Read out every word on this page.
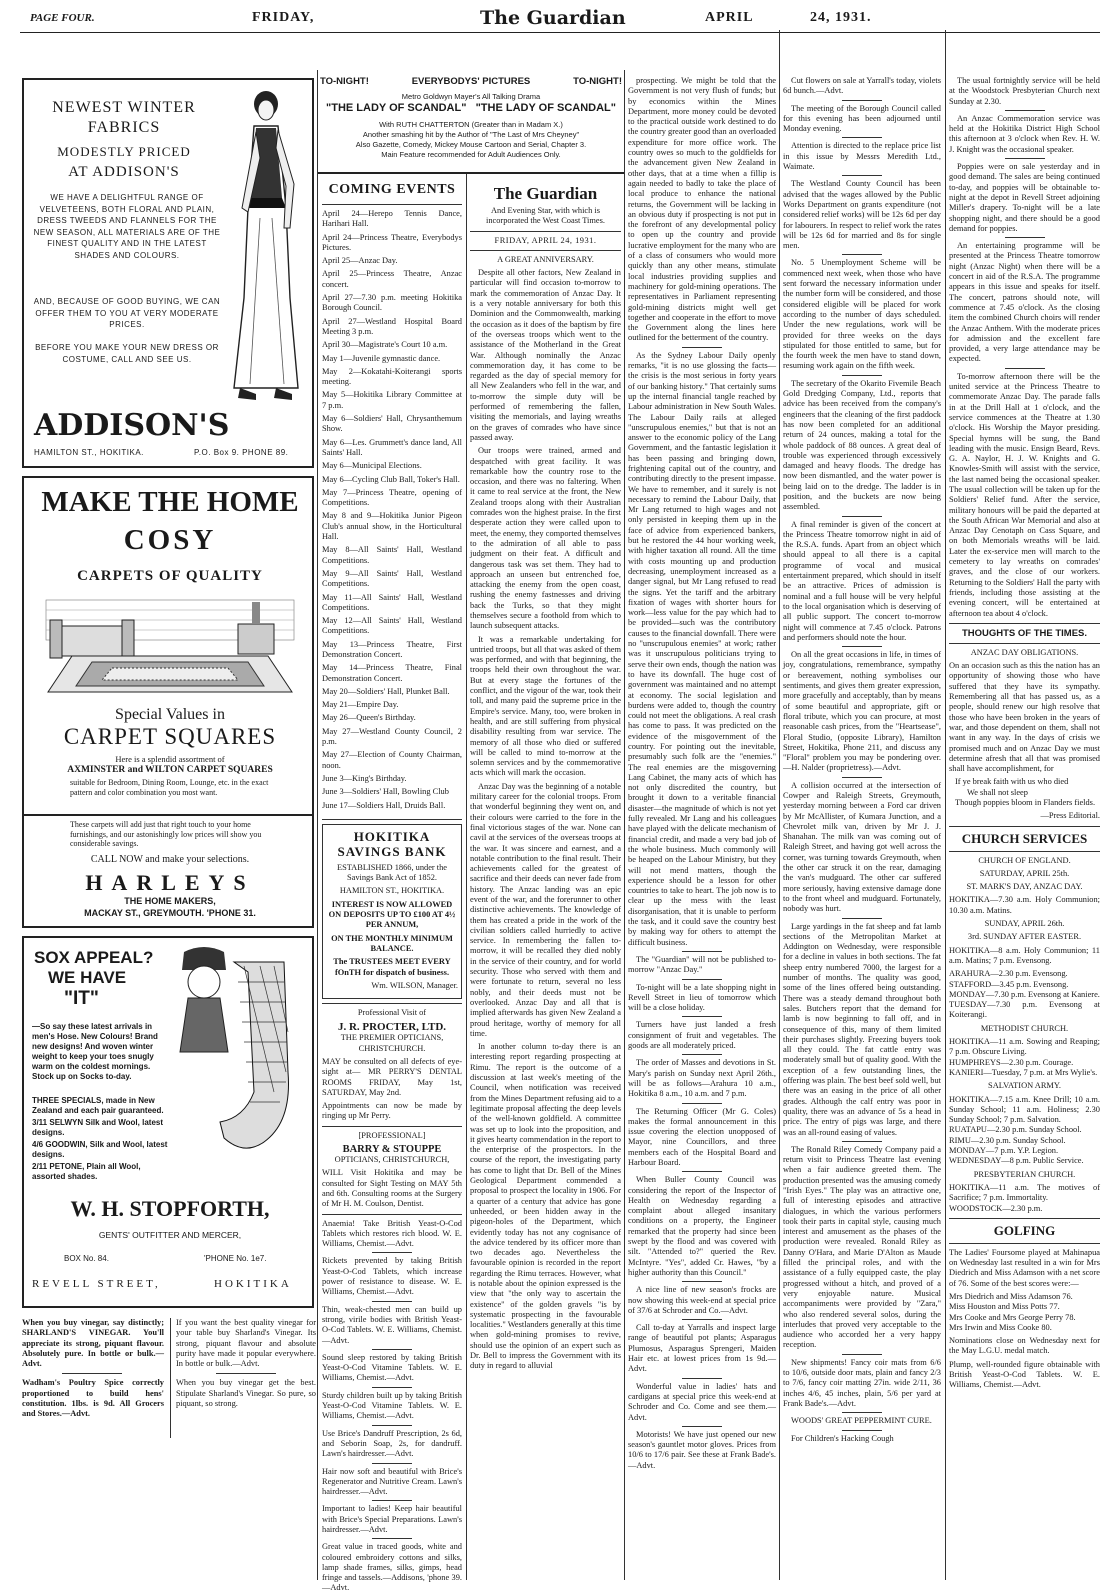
PAGE FOUR.	FRIDAY,	The Guardian	APRIL	24, 1931.
NEWEST WINTER FABRICS
MODESTLY PRICED
AT ADDISON'S
WE HAVE A DELIGHTFUL RANGE OF VELVETEENS, BOTH FLORAL AND PLAIN, DRESS TWEEDS AND FLANNELS FOR THE NEW SEASON, ALL MATERIALS ARE OF THE FINEST QUALITY AND IN THE LATEST SHADES AND COLOURS.
AND, BECAUSE OF GOOD BUYING, WE CAN OFFER THEM TO YOU AT VERY MODERATE PRICES.
BEFORE YOU MAKE YOUR NEW DRESS OR COSTUME, CALL AND SEE US.
ADDISON'S
HAMILTON ST., HOKITIKA.	P.O. Box 9. PHONE 89.
MAKE THE HOME
COSY
CARPETS OF QUALITY
Special Values in
CARPET SQUARES
Here is a splendid assortment of
AXMINSTER and WILTON CARPET SQUARES
suitable for Bedroom, Dining Room, Lounge, etc. in the exact pattern and color combination you most want.
These carpets will add just that right touch to your home furnishings, and our astonishingly low prices will show you considerable savings.
CALL NOW and make your selections.
HARLEYS
THE HOME MAKERS,
MACKAY ST., GREYMOUTH. 'PHONE 31.
SOX APPEAL?
WE HAVE
"IT"
—So say these latest arrivals in men's Hose. New Colours! Brand new designs! And woven winter weight to keep your toes snugly warm on the coldest mornings. Stock up on Socks to-day.
THREE SPECIALS, made in New Zealand and each pair guaranteed.
3/11 SELWYN Silk and Wool, latest designs.
4/6 GOODWIN, Silk and Wool, latest designs.
2/11 PETONE, Plain all Wool, assorted shades.
W. H. STOPFORTH,
GENTS' OUTFITTER AND MERCER,
BOX No. 84.	'PHONE No. 1e7.
REVELL STREET,	HOKITIKA

When you buy vinegar, say distinctly; SHARLAND'S VINEGAR. You'll appreciate its strong, piquant flavour. Absolutely pure. In bottle or bulk.—Advt.

Wadham's Poultry Spice correctly proportioned to build hens' constitution. 1lbs. is 9d. All Grocers and Stores.—Advt.

If you want the best quality vinegar for your table buy Sharland's Vinegar. Its strong, piquant flavour and absolute purity have made it popular everywhere. In bottle or bulk.—Advt.

When you buy vinegar get the best. Stipulate Sharland's Vinegar. So pure, so piquant, so strong.

TO-NIGHT!	EVERYBODYS' PICTURES	TO-NIGHT!
Metro Goldwyn Mayer's All Talking Drama
"THE LADY OF SCANDAL"   "THE LADY OF SCANDAL"
With RUTH CHATTERTON (Greater than in Madam X.)
Another smashing hit by the Author of "The Last of Mrs Cheyney"
Also Gazette, Comedy, Mickey Mouse Cartoon and Serial, Chapter 3.
Main Feature recommended for Adult Audiences Only.
COMING EVENTS

April 24—Herepo Tennis Dance, Harihari Hall.

April 24—Princess Theatre, Everybodys Pictures.

April 25—Anzac Day.

April 25—Princess Theatre, Anzac concert.

April 27—7.30 p.m. meeting Hokitika Borough Council.

April 27—Westland Hospital Board Meeting 3 p.m.

April 30—Magistrate's Court 10 a.m.

May 1—Juvenile gymnastic dance.

May 2—Kokatahi-Koiterangi sports meeting.

May 5—Hokitika Library Committee at 7 p.m.

May 6—Soldiers' Hall, Chrysanthemum Show.

May 6—Les. Grummett's dance land, All Saints' Hall.

May 6—Municipal Elections.

May 6—Cycling Club Ball, Toker's Hall.

May 7—Princess Theatre, opening of Competitions.

May 8 and 9—Hokitika Junior Pigeon Club's annual show, in the Horticultural Hall.

May 8—All Saints' Hall, Westland Competitions.

May 9—All Saints' Hall, Westland Competitions.

May 11—All Saints' Hall, Westland Competitions.

May 12—All Saints' Hall, Westland Competitions.

May 13—Princess Theatre, First Demonstration Concert.

May 14—Princess Theatre, Final Demonstration Concert.

May 20—Soldiers' Hall, Plunket Ball.

May 21—Empire Day.

May 26—Queen's Birthday.

May 27—Westland County Council, 2 p.m.

May 27—Election of County Chairman, noon.

June 3—King's Birthday.

June 3—Soldiers' Hall, Bowling Club

June 17—Soldiers Hall, Druids Ball.

HOKITIKA SAVINGS BANK

ESTABLISHED 1866, under the Savings Bank Act of 1852.

HAMILTON ST., HOKITIKA.

INTEREST IS NOW ALLOWED ON DEPOSITS UP TO £100 AT 4½ PER ANNUM,

ON THE MONTHLY MINIMUM BALANCE.

The TRUSTEES MEET EVERY fOnTH for dispatch of business.

Wm. WILSON, Manager.

Professional Visit of

J. R. PROCTER, LTD.

THE PREMIER OPTICIANS, CHRISTCHURCH.

MAY be consulted on all defects of eye-sight at— MR PERRY'S DENTAL ROOMS FRIDAY, May 1st, SATURDAY, May 2nd.

Appointments can now be made by ringing up Mr Perry.

[PROFESSIONAL]

BARRY & STOUPPE

OPTICIANS, CHRISTCHURCH,

WILL Visit Hokitika and may be consulted for Sight Testing on MAY 5th and 6th. Consulting rooms at the Surgery of Mr H. M. Coulson, Dentist.

Anaemia! Take British Yeast-O-Cod Tablets which restores rich blood. W. E. Williams, Chemist.—Advt.

Rickets prevented by taking British Yeast-O-Cod Tablets, which increase power of resistance to disease. W. E. Williams, Chemist.—Advt.

Thin, weak-chested men can build up strong, virile bodies with British Yeast-O-Cod Tablets. W. E. Williams, Chemist.—Advt.

Sound sleep restored by taking British Yeast-O-Cod Vitamine Tablets. W. E. Williams, Chemist.—Advt.

Sturdy children built up by taking British Yeast-O-Cod Vitamine Tablets. W. E. Williams, Chemist.—Advt.

Use Brice's Dandruff Prescription, 2s 6d, and Seborin Soap, 2s, for dandruff. Lawn's hairdresser.—Advt.

Hair now soft and beautiful with Brice's Regenerator and Nutritive Cream. Lawn's hairdresser.—Advt.

Important to ladies! Keep hair beautiful with Brice's Special Preparations. Lawn's hairdresser.—Advt.

Great value in traced goods, white and coloured embroidery cottons and silks, lamp shade frames, silks, gimps, head fringe and tassels.—Addisons, 'phone 39.—Advt.

The Guardian

And Evening Star, with which is incorporated the West Coast Times.

FRIDAY, APRIL 24, 1931.

A GREAT ANNIVERSARY.

Despite all other factors, New Zealand in particular will find occasion to-morrow to mark the commemoration of Anzac Day. It is a very notable anniversary for both this Dominion and the Commonwealth, marking the occasion as it does of the baptism by fire of the overseas troops which went to the assistance of the Motherland in the Great War. Although nominally the Anzac commemoration day, it has come to be regarded as the day of special memory for all New Zealanders who fell in the war, and to-morrow the simple duty will be performed of remembering the fallen, visiting the memorials, and laying wreaths on the graves of comrades who have since passed away.

Our troops were trained, armed and despatched with great facility. It was remarkable how the country rose to the occasion, and there was no faltering. When it came to real service at the front, the New Zealand troops along with their Australian comrades won the highest praise. In the first desperate action they were called upon to meet, the enemy, they comported themselves to the admiration of all able to pass judgment on their feat. A difficult and dangerous task was set them. They had to approach an unseen but entrenched foe, attacking the enemy from the open coast, rushing the enemy fastnesses and driving back the Turks, so that they might themselves secure a foothold from which to launch subsequent attacks.

It was a remarkable undertaking for untried troops, but all that was asked of them was performed, and with that beginning, the troops held their own throughout the war. But at every stage the fortunes of the conflict, and the vigour of the war, took their toll, and many paid the supreme price in the Empire's service. Many, too, were broken in health, and are still suffering from physical disability resulting from war service. The memory of all those who died or suffered will be called to mind to-morrow at the solemn services and by the commemorative acts which will mark the occasion.

Anzac Day was the beginning of a notable military career for the colonial troops. From that wonderful beginning they went on, and their colours were carried to the fore in the final victorious stages of the war. None can cavil at the services of the overseas troops at the war. It was sincere and earnest, and a notable contribution to the final result. Their achievements called for the greatest of sacrifice and their deeds can never fade from history. The Anzac landing was an epic event of the war, and the forerunner to other distinctive achievements. The knowledge of them has created a pride in the work of the civilian soldiers called hurriedly to active service. In remembering the fallen to-morrow, it will be recalled they died nobly in the service of their country, and for world security. Those who served with them and were fortunate to return, several no less nobly, and their deeds must not be overlooked. Anzac Day and all that is implied afterwards has given New Zealand a proud heritage, worthy of memory for all time.

In another column to-day there is an interesting report regarding prospecting at Rimu. The report is the outcome of a discussion at last week's meeting of the Council, when notification was received from the Mines Department refusing aid to a legitimate proposal affecting the deep levels of the well-known goldfield. A committee was set up to look into the proposition, and it gives hearty commendation in the report to the enterprise of the prospectors. In the course of the report, the investigating party has come to light that Dr. Bell of the Mines Geological Department commended a proposal to prospect the locality in 1906. For a quarter of a century that advice has gone unheeded, or been hidden away in the pigeon-holes of the Department, which evidently today has not any cognisance of the advice tendered by its officer more than two decades ago. Nevertheless the favourable opinion is recorded in the report regarding the Rimu terraces. However, what is notable about the opinion expressed is the view that "the only way to ascertain the existence" of the golden gravels "is by systematic prospecting in the favourable localities." Westlanders generally at this time when gold-mining promises to revive, should use the opinion of an expert such as Dr. Bell to impress the Government with its duty in regard to alluvial

prospecting. We might be told that the Government is not very flush of funds; but by economics within the Mines Department, more money could be devoted to the practical outside work destined to do the country greater good than an overloaded expenditure for more office work. The country owes so much to the goldfields for the advancement given New Zealand in other days, that at a time when a fillip is again needed to badly to take the place of local produce to enhance the national returns, the Government will be lacking in an obvious duty if prospecting is not put in the forefront of any developmental policy to open up the country and provide lucrative employment for the many who are of a class of consumers who would more quickly than any other means, stimulate local industries providing supplies and machinery for gold-mining operations. The representatives in Parliament representing gold-mining districts might well get together and cooperate in the effort to move the Government along the lines here outlined for the betterment of the country.

As the Sydney Labour Daily openly remarks, "it is no use glossing the facts—the crisis is the most serious in forty years of our banking history." That certainly sums up the internal financial tangle reached by Labour administration in New South Wales. The Labour Daily rails at alleged "unscrupulous enemies," but that is not an answer to the economic policy of the Lang Government, and the fantastic legislation it has been passing and bringing down, frightening capital out of the country, and contributing directly to the present impasse. We have to remember, and it surely is not necessary to remind the Labour Daily, that Mr Lang returned to high wages and not only persisted in keeping them up in the face of advice from experienced bankers, but he restored the 44 hour working week, with higher taxation all round. All the time with costs mounting up and production decreasing, unemployment increased as a danger signal, but Mr Lang refused to read the signs. Yet the tariff and the arbitrary fixation of wages with shorter hours for work—less value for the pay which had to be provided—such was the contributory causes to the financial downfall. There were no "unscrupulous enemies" at work; rather was it unscrupulous politicians trying to serve their own ends, though the nation was to have its downfall. The huge cost of government was maintained and no attempt at economy. The social legislation and burdens were added to, though the country could not meet the obligations. A real crash has come to pass. It was predicted on the evidence of the misgovernment of the country. For pointing out the inevitable, presumably such folk are the "enemies." The real enemies are the misgoverning Lang Cabinet, the many acts of which has not only discredited the country, but brought it down to a veritable financial disaster—the magnitude of which is not yet fully revealed. Mr Lang and his colleagues have played with the delicate mechanism of financial credit, and made a very bad job of the whole business. Much commonly will be heaped on the Labour Ministry, but they will not mend matters, though the experience should be a lesson for other countries to take to heart. The job now is to clear up the mess with the least disorganisation, that it is unable to perform the task, and it could save the country best by making way for others to attempt the difficult business.

The "Guardian" will not be published to-morrow "Anzac Day."

To-night will be a late shopping night in Revell Street in lieu of tomorrow which will be a close holiday.

Turners have just landed a fresh consignment of fruit and vegetables. The goods are all moderately priced.

The order of Masses and devotions in St. Mary's parish on Sunday next April 26th., will be as follows—Arahura 10 a.m., Hokitika 8 a.m., 10 a.m. and 7 p.m.

The Returning Officer (Mr G. Coles) makes the formal announcement in this issue covering the election unopposed of Mayor, nine Councillors, and three members each of the Hospital Board and Harbour Board.

When Buller County Council was considering the report of the Inspector of Health on Wednesday regarding a complaint about alleged insanitary conditions on a property, the Engineer remarked that the property had since been swept by the flood and was covered with silt. "Attended to?" queried the Rev. McIntyre. "Yes", added Cr. Hawes, "by a higher authority than this Council."

A nice line of new season's frocks are now showing this week-end at special price of 37/6 at Schroder and Co.—Advt.

Call to-day at Yarralls and inspect large range of beautiful pot plants; Asparagus Plumosus, Asparagus Sprengeri, Maiden Hair etc. at lowest prices from 1s 9d.—Advt.

Wonderful value in ladies' hats and cardigans at special price this week-end at Schroder and Co. Come and see them.—Advt.

Motorists! We have just opened our new season's gauntlet motor gloves. Prices from 10/6 to 17/6 pair. See these at Frank Bade's.—Advt.

Cut flowers on sale at Yarrall's today, violets 6d bunch.—Advt.

The meeting of the Borough Council called for this evening has been adjourned until Monday evening.

Attention is directed to the replace price list in this issue by Messrs Meredith Ltd., Waimate.

The Westland County Council has been advised that the wages allowed by the Public Works Department on grants expenditure (not considered relief works) will be 12s 6d per day for labourers. In respect to relief work the rates will be 12s 6d for married and 8s for single men.

No. 5 Unemployment Scheme will be commenced next week, when those who have sent forward the necessary information under the number form will be considered, and those considered eligible will be placed for work according to the number of days scheduled. Under the new regulations, work will be provided for three weeks on the days stipulated for those entitled to same, but for the fourth week the men have to stand down, resuming work again on the fifth week.

The secretary of the Okarito Fivemile Beach Gold Dredging Company, Ltd., reports that advice has been received from the company's engineers that the cleaning of the first paddock has now been completed for an additional return of 24 ounces, making a total for the whole paddock of 88 ounces. A great deal of trouble was experienced through excessively damaged and heavy floods. The dredge has now been dismantled, and the water power is being laid on to the dredge. The ladder is in position, and the buckets are now being assembled.

A final reminder is given of the concert at the Princess Theatre tomorrow night in aid of the R.S.A. funds. Apart from an object which should appeal to all there is a capital programme of vocal and musical entertainment prepared, which should in itself be an attractive. Prices of admission is nominal and a full house will be very helpful to the local organisation which is deserving of all public support. The concert to-morrow night will commence at 7.45 o'clock. Patrons and performers should note the hour.

On all the great occasions in life, in times of joy, congratulations, remembrance, sympathy or bereavement, nothing symbolises our sentiments, and gives them greater expression, more gracefully and acceptably, than by means of some beautiful and appropriate, gift or floral tribute, which you can procure, at most reasonable cash prices, from the "Heartsease", Floral Studio, (opposite Library), Hamilton Street, Hokitika, Phone 211, and discuss any "Floral" problem you may be pondering over.—H. Nalder (proprietress).—Advt.

A collision occurred at the intersection of Cowper and Raleigh Streets, Greymouth, yesterday morning between a Ford car driven by Mr McAllister, of Kumara Junction, and a Chevrolet milk van, driven by Mr J. J. Shanahan. The milk van was coming out of Raleigh Street, and having got well across the corner, was turning towards Greymouth, when the other car struck it on the rear, damaging the van's mudguard. The other car suffered more seriously, having extensive damage done to the front wheel and mudguard. Fortunately, nobody was hurt.

Large yardings in the fat sheep and fat lamb sections of the Metropolitan Market at Addington on Wednesday, were responsible for a decline in values in both sections. The fat sheep entry numbered 7000, the largest for a number of months. The quality was good, some of the lines offered being outstanding. There was a steady demand throughout both sales. Butchers report that the demand for lamb is now beginning to fall off, and in consequence of this, many of them limited their purchases slightly. Freezing buyers took all they could. The fat cattle entry was moderately small but of quality good. With the exception of a few outstanding lines, the offering was plain. The best beef sold well, but there was an easing in the price of all other grades. Although the calf entry was poor in quality, there was an advance of 5s a head in price. The entry of pigs was large, and there was an all-round easing of values.

The Ronald Riley Comedy Company paid a return visit to Princess Theatre last evening when a fair audience greeted them. The production presented was the amusing comedy "Irish Eyes." The play was an attractive one, full of interesting episodes and attractive dialogues, in which the various performers took their parts in capital style, causing much interest and amusement as the phases of the production were revealed. Ronald Riley as Danny O'Hara, and Marie D'Alton as Maude filled the principal roles, and with the assistance of a fully equipped caste, the play progressed without a hitch, and proved of a very enjoyable nature. Musical accompaniments were provided by "Zara," who also rendered several solos, during the interludes that proved very acceptable to the audience who accorded her a very happy reception.

New shipments! Fancy coir mats from 6/6 to 10/6, outside door mats, plain and fancy 2/3 to 7/6, fancy coir matting 27in. wide 2/11, 36 inches 4/6, 45 inches, plain, 5/6 per yard at Frank Bade's.—Advt.

WOODS' GREAT PEPPERMINT CURE.

For Children's Hacking Cough

The usual fortnightly service will be held at the Woodstock Presbyterian Church next Sunday at 2.30.

An Anzac Commemoration service was held at the Hokitika District High School this afternoon at 3 o'clock when Rev. H. W. J. Knight was the occasional speaker.

Poppies were on sale yesterday and in good demand. The sales are being continued to-day, and poppies will be obtainable to-night at the depot in Revell Street adjoining Miller's drapery. To-night will be a late shopping night, and there should be a good demand for poppies.

An entertaining programme will be presented at the Princess Theatre tomorrow night (Anzac Night) when there will be a concert in aid of the R.S.A. The programme appears in this issue and speaks for itself. The concert, patrons should note, will commence at 7.45 o'clock. As the closing item the combined Church choirs will render the Anzac Anthem. With the moderate prices for admission and the excellent fare provided, a very large attendance may be expected.

To-morrow afternoon there will be the united service at the Princess Theatre to commemorate Anzac Day. The parade falls in at the Drill Hall at 1 o'clock, and the service commences at the Theatre at 1.30 o'clock. His Worship the Mayor presiding. Special hymns will be sung, the Band leading with the music. Ensign Beard, Revs. G. A. Naylor, H. J. W. Knights and G. Knowles-Smith will assist with the service, the last named being the occasional speaker. The usual collection will be taken up for the Soldiers' Relief fund. After the service, military honours will be paid the departed at the South African War Memorial and also at Anzac Day Cenotaph on Cass Square, and on both Memorials wreaths will be laid. Later the ex-service men will march to the cemetery to lay wreaths on comrades' graves, and the close of our workers. Returning to the Soldiers' Hall the party with friends, including those assisting at the evening concert, will be entertained at afternoon tea about 4 o'clock.

THOUGHTS OF THE TIMES.

ANZAC DAY OBLIGATIONS.

On an occasion such as this the nation has an opportunity of showing those who have suffered that they have its sympathy. Remembering all that has passed us, as a people, should renew our high resolve that those who have been broken in the years of war, and those dependent on them, shall not want in any way. In the days of crisis we promised much and on Anzac Day we must determine afresh that all that was promised shall have accomplishment, for

If ye break faith with us who died

We shall not sleep

Though poppies bloom in Flanders fields.

—Press Editorial.

CHURCH SERVICES

CHURCH OF ENGLAND.

SATURDAY, APRIL 25th.

ST. MARK'S DAY, ANZAC DAY.

HOKITIKA—7.30 a.m. Holy Communion; 10.30 a.m. Matins.

SUNDAY, APRIL 26th.

3rd. SUNDAY AFTER EASTER.

HOKITIKA—8 a.m. Holy Communion; 11 a.m. Matins; 7 p.m. Evensong.

ARAHURA—2.30 p.m. Evensong.

STAFFORD—3.45 p.m. Evensong.

MONDAY—7.30 p.m. Evensong at Kaniere.

TUESDAY—7.30 p.m. Evensong at Koiterangi.

METHODIST CHURCH.

HOKITIKA—11 a.m. Sowing and Reaping; 7 p.m. Obscure Living.

HUMPHREYS—2.30 p.m. Courage.

KANIERI—Tuesday, 7 p.m. at Mrs Wylie's.

SALVATION ARMY.

HOKITIKA—7.15 a.m. Knee Drill; 10 a.m. Sunday School; 11 a.m. Holiness; 2.30 Sunday School; 7 p.m. Salvation.

RUATAPU—2.30 p.m. Sunday School.

RIMU—2.30 p.m. Sunday School.

MONDAY—7 p.m. Y.P. Legion.

WEDNESDAY—8 p.m. Public Service.

PRESBYTERIAN CHURCH.

HOKITIKA—11 a.m. The motives of Sacrifice; 7 p.m. Immortality.

WOODSTOCK—2.30 p.m.

GOLFING

The Ladies' Foursome played at Mahinapua on Wednesday last resulted in a win for Mrs Diedrich and Miss Adamson with a net score of 76. Some of the best scores were:—

Mrs Diedrich and Miss Adamson 76.

Miss Houston and Miss Potts 77.

Mrs Cooke and Mrs George Perry 78.

Mrs Irwin and Miss Cooke 80.

Nominations close on Wednesday next for the May L.G.U. medal match.

Plump, well-rounded figure obtainable with British Yeast-O-Cod Tablets. W. E. Williams, Chemist.—Advt.
